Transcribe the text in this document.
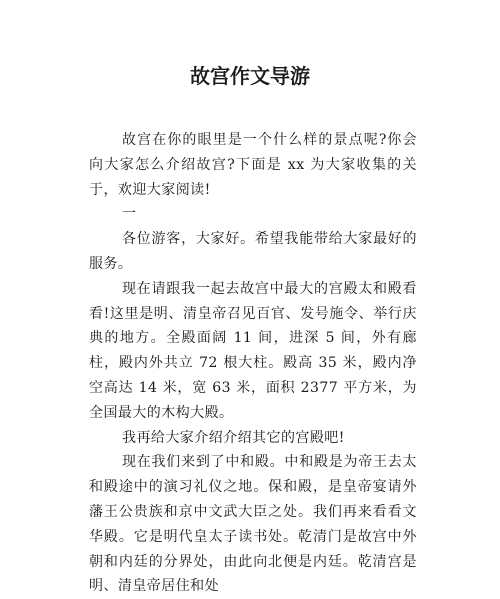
故宫作文导游

故宫在你的眼里是一个什么样的景点呢?你会向大家怎么介绍故宫?下面是 xx 为大家收集的关于，欢迎大家阅读!

一

各位游客，大家好。希望我能带给大家最好的服务。

现在请跟我一起去故宫中最大的宫殿太和殿看看!这里是明、清皇帝召见百官、发号施令、举行庆典的地方。全殿面阔 11 间，进深 5 间，外有廊柱，殿内外共立 72 根大柱。殿高 35 米，殿内净空高达 14 米，宽 63 米，面积 2377 平方米，为全国最大的木构大殿。

我再给大家介绍介绍其它的宫殿吧!

现在我们来到了中和殿。中和殿是为帝王去太和殿途中的演习礼仪之地。保和殿，是皇帝宴请外藩王公贵族和京中文武大臣之处。我们再来看看文华殿。它是明代皇太子读书处。乾清门是故宫中外朝和内廷的分界处，由此向北便是内廷。乾清宫是明、清皇帝居住和处
